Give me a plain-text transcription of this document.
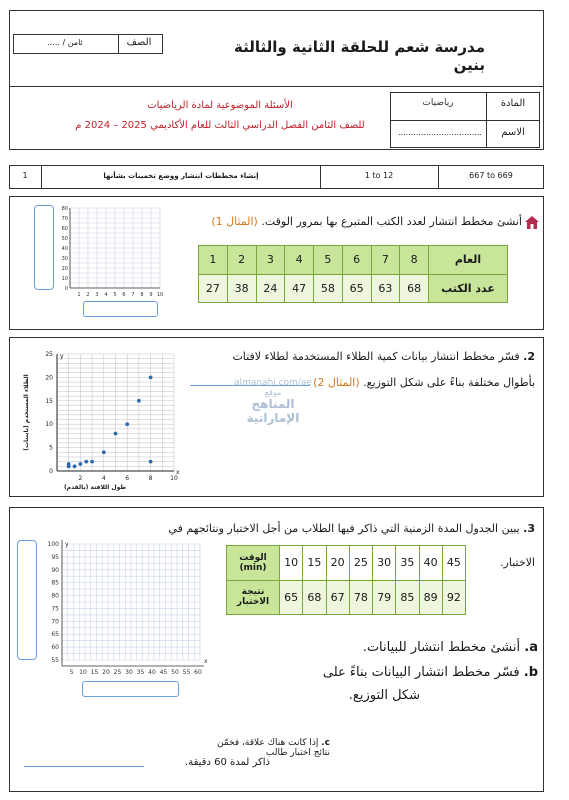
مدرسة شعم للحلقة الثانية والثالثة بنين
الصف
ثامن / .....
المادة
رياضيات
الاسم
.................................
الأسئلة الموضوعية لمادة الرياضيات
للصف الثامن الفصل الدراسي الثالث للعام الأكاديمي 2025 – 2024 م
1	إنشاء مخططات انتشار ووضع تخمينات بشأنها	1 to 12	667 to 669
80
70
60
50
40
30
20
10
0
1 2 3 4 5 6 7 8 9 10
أنشئ مخطط انتشار لعدد الكتب المتبرع بها بمرور الوقت. (المثال 1)
1	2	3	4	5	6	7	8	العام
27	38	24	47	58	65	63	68	عدد الكتب
2. فسّر مخطط انتشار بيانات كمية الطلاء المستخدمة لطلاء لافتات
بأطوال مختلفة بناءً على شكل التوزيع. (المثال 2)
almanahj.com/ae
موقع
المناهج الإماراتية
y
x
25
20
15
10
5
0
2	4	6	8	10
طول اللافتة (بالقدم)
الطلاء المستخدم (باينتات)
3. يبين الجدول المدة الزمنية التي ذاكر فيها الطلاب من أجل الاختبار ونتائجهم في
الاختبار.
الوقت (min)	10	15	20	25	30	35	40	45
نتيجة الاختبار	65	68	67	78	79	85	89	92
a. أنشئ مخطط انتشار للبيانات.
b. فسّر مخطط انتشار البيانات بناءً على
شكل التوزيع.
c. إذا كانت هناك علاقة، فخمّن نتائج اختبار طالب
ذاكر لمدة 60 دقيقة.
y
x
100
95
90
85
80
75
70
65
60
55
5 10 15 20 25 30 35 40 45 50 55 60
